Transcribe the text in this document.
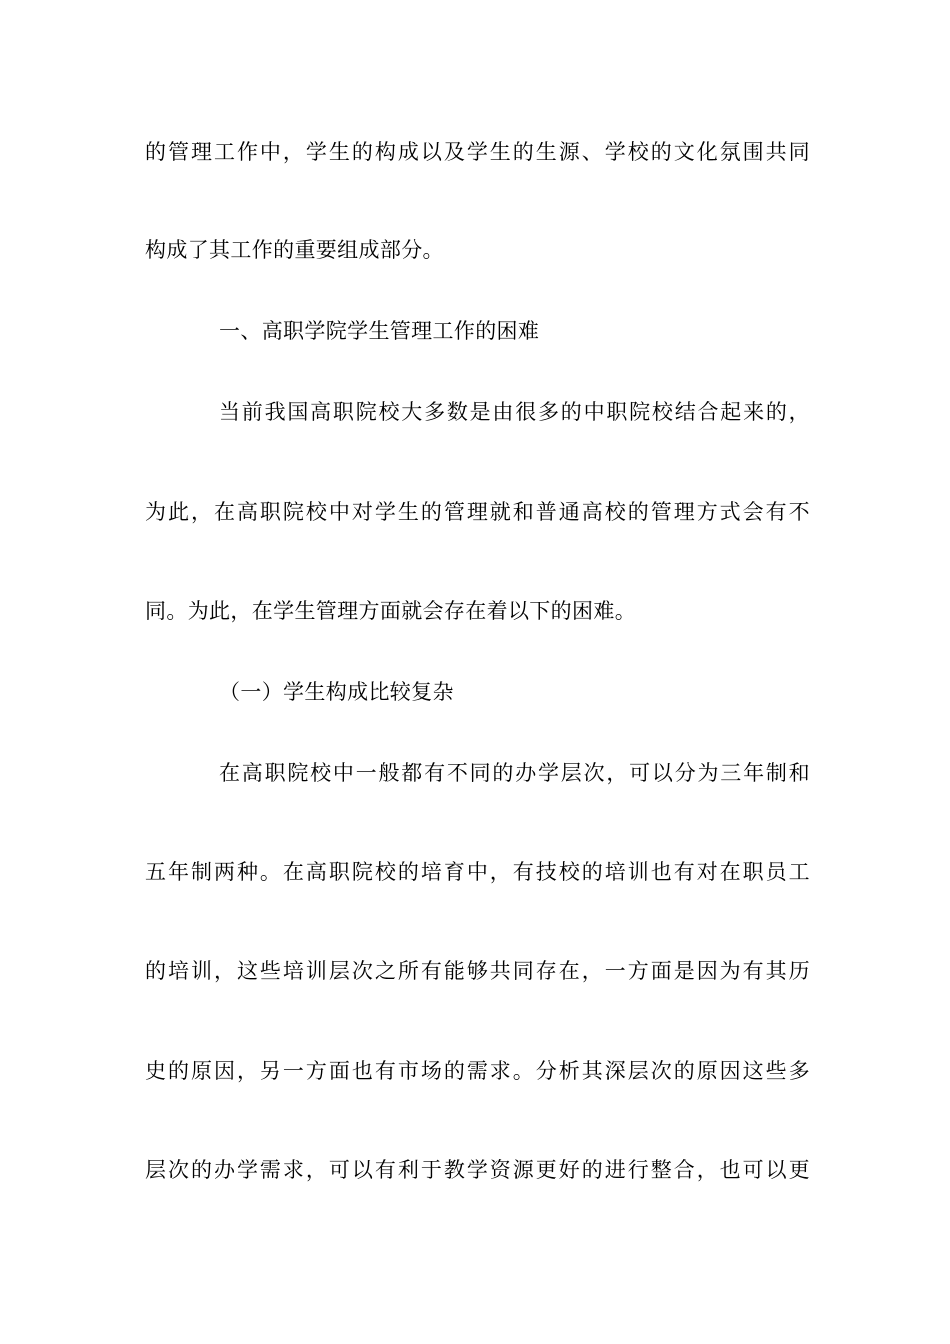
的管理工作中，学生的构成以及学生的生源、学校的文化氛围共同
构成了其工作的重要组成部分。
一、高职学院学生管理工作的困难
当前我国高职院校大多数是由很多的中职院校结合起来的，
为此，在高职院校中对学生的管理就和普通高校的管理方式会有不
同。为此，在学生管理方面就会存在着以下的困难。
（一）学生构成比较复杂
在高职院校中一般都有不同的办学层次，可以分为三年制和
五年制两种。在高职院校的培育中，有技校的培训也有对在职员工
的培训，这些培训层次之所有能够共同存在，一方面是因为有其历
史的原因，另一方面也有市场的需求。分析其深层次的原因这些多
层次的办学需求，可以有利于教学资源更好的进行整合，也可以更
